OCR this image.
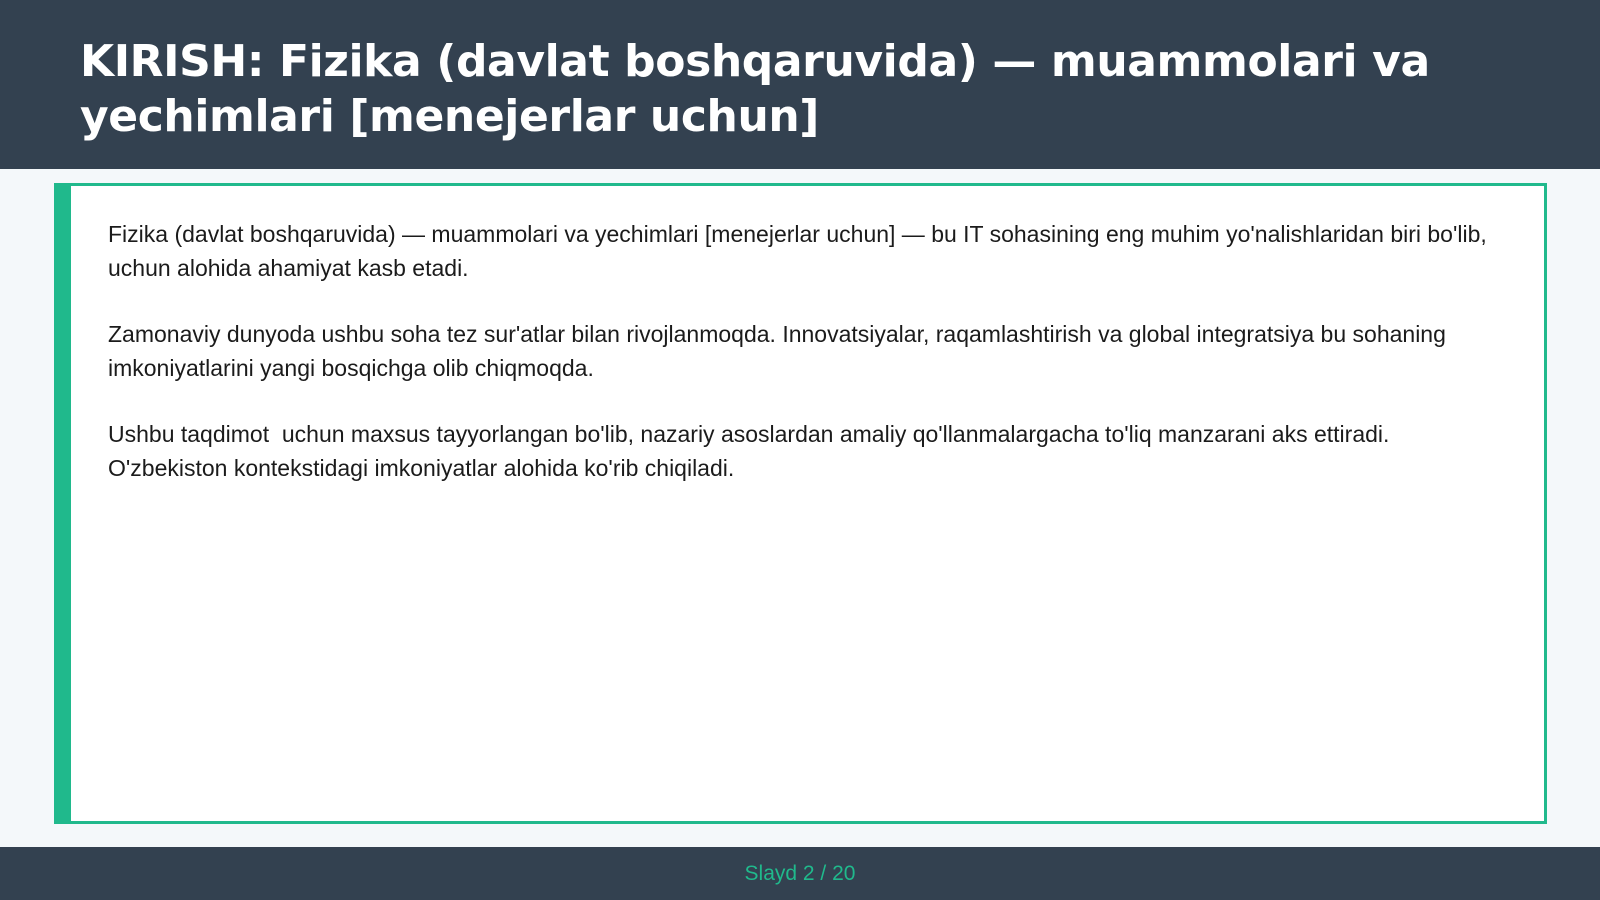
KIRISH: Fizika (davlat boshqaruvida) — muammolari va yechimlari [menejerlar uchun]

Fizika (davlat boshqaruvida) — muammolari va yechimlari [menejerlar uchun] — bu IT sohasining eng muhim yo'nalishlaridan biri bo'lib,  uchun alohida ahamiyat kasb etadi.

Zamonaviy dunyoda ushbu soha tez sur'atlar bilan rivojlanmoqda. Innovatsiyalar, raqamlashtirish va global integratsiya bu sohaning imkoniyatlarini yangi bosqichga olib chiqmoqda.

Ushbu taqdimot  uchun maxsus tayyorlangan bo'lib, nazariy asoslardan amaliy qo'llanmalargacha to'liq manzarani aks ettiradi. O'zbekiston kontekstidagi imkoniyatlar alohida ko'rib chiqiladi.

Slayd 2 / 20
